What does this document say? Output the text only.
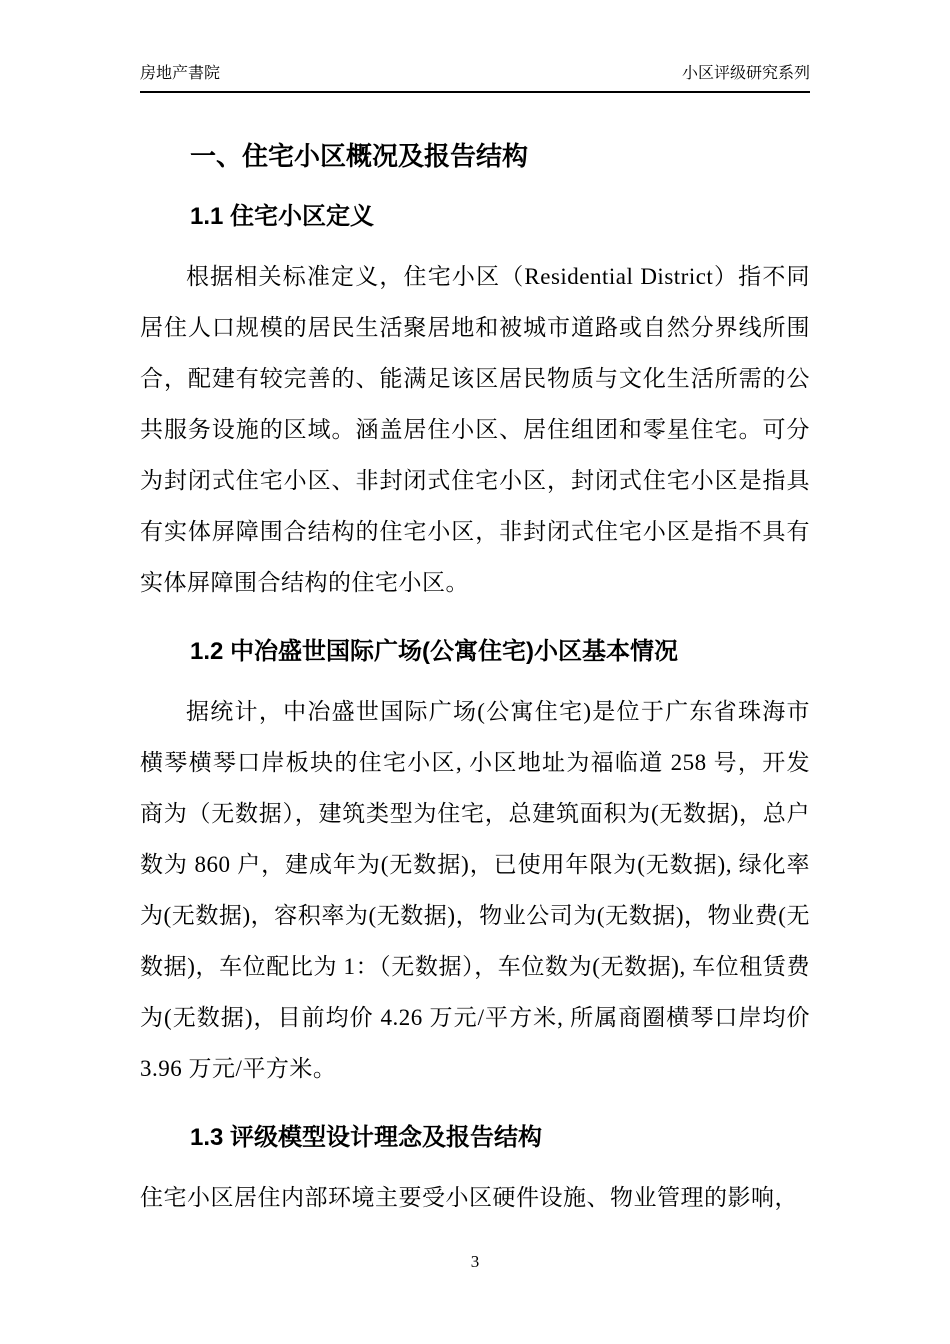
房地产書院	小区评级研究系列
一、住宅小区概况及报告结构
1.1 住宅小区定义

根据相关标准定义，住宅小区（Residential District）指不同居住人口规模的居民生活聚居地和被城市道路或自然分界线所围合，配建有较完善的、能满足该区居民物质与文化生活所需的公共服务设施的区域。涵盖居住小区、居住组团和零星住宅。可分为封闭式住宅小区、非封闭式住宅小区，封闭式住宅小区是指具有实体屏障围合结构的住宅小区，非封闭式住宅小区是指不具有实体屏障围合结构的住宅小区。

1.2 中冶盛世国际广场(公寓住宅)小区基本情况

据统计，中冶盛世国际广场(公寓住宅)是位于广东省珠海市横琴横琴口岸板块的住宅小区, 小区地址为福临道 258 号，开发商为（无数据），建筑类型为住宅，总建筑面积为(无数据)，总户数为 860 户，建成年为(无数据)，已使用年限为(无数据), 绿化率为(无数据)，容积率为(无数据)，物业公司为(无数据)，物业费(无数据)，车位配比为 1：（无数据），车位数为(无数据), 车位租赁费为(无数据)，目前均价 4.26 万元/平方米, 所属商圈横琴口岸均价 3.96 万元/平方米。

1.3 评级模型设计理念及报告结构

住宅小区居住内部环境主要受小区硬件设施、物业管理的影响，

3
